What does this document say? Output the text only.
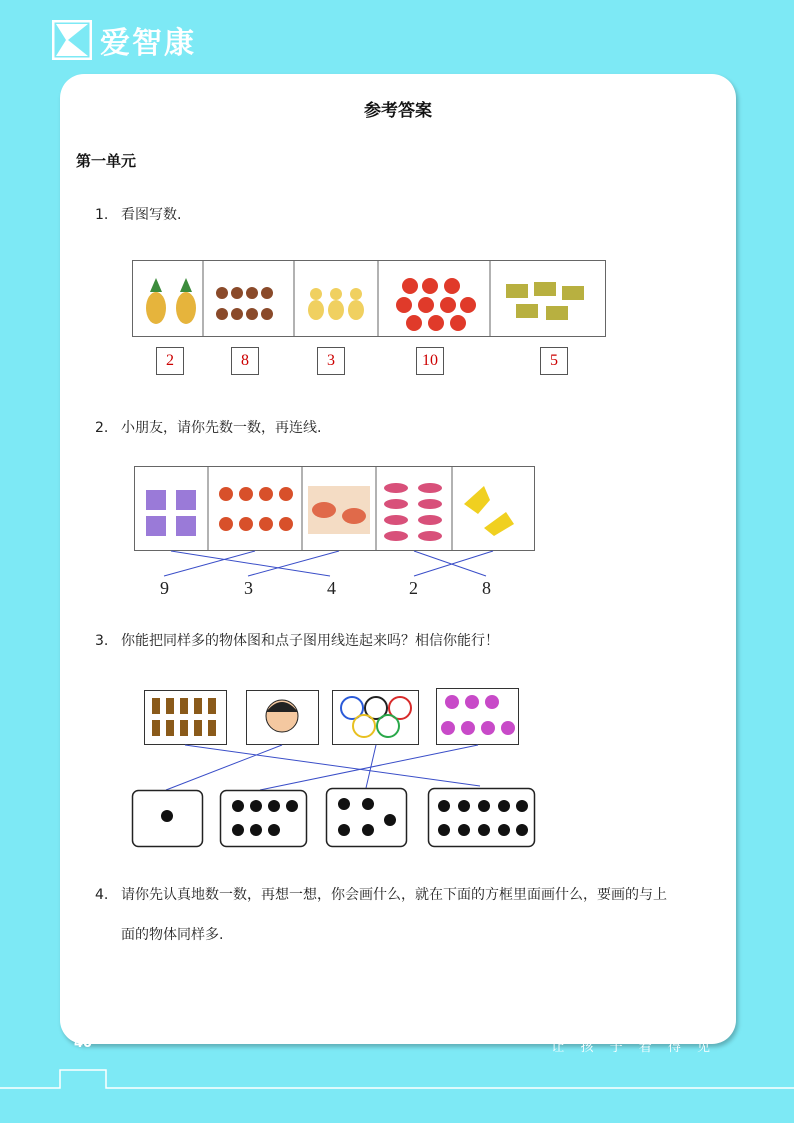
爱智康
参考答案
第一单元
1. 看图写数.
2	8	3	10	5
2. 小朋友，请你先数一数，再连线.
9	3	4	2	8
3. 你能把同样多的物体图和点子图用线连起来吗？相信你能行！
4. 请你先认真地数一数，再想一想，你会画什么，就在下面的方框里面画什么，要画的与上
面的物体同样多.
40	让 孩 子 看 得 见
